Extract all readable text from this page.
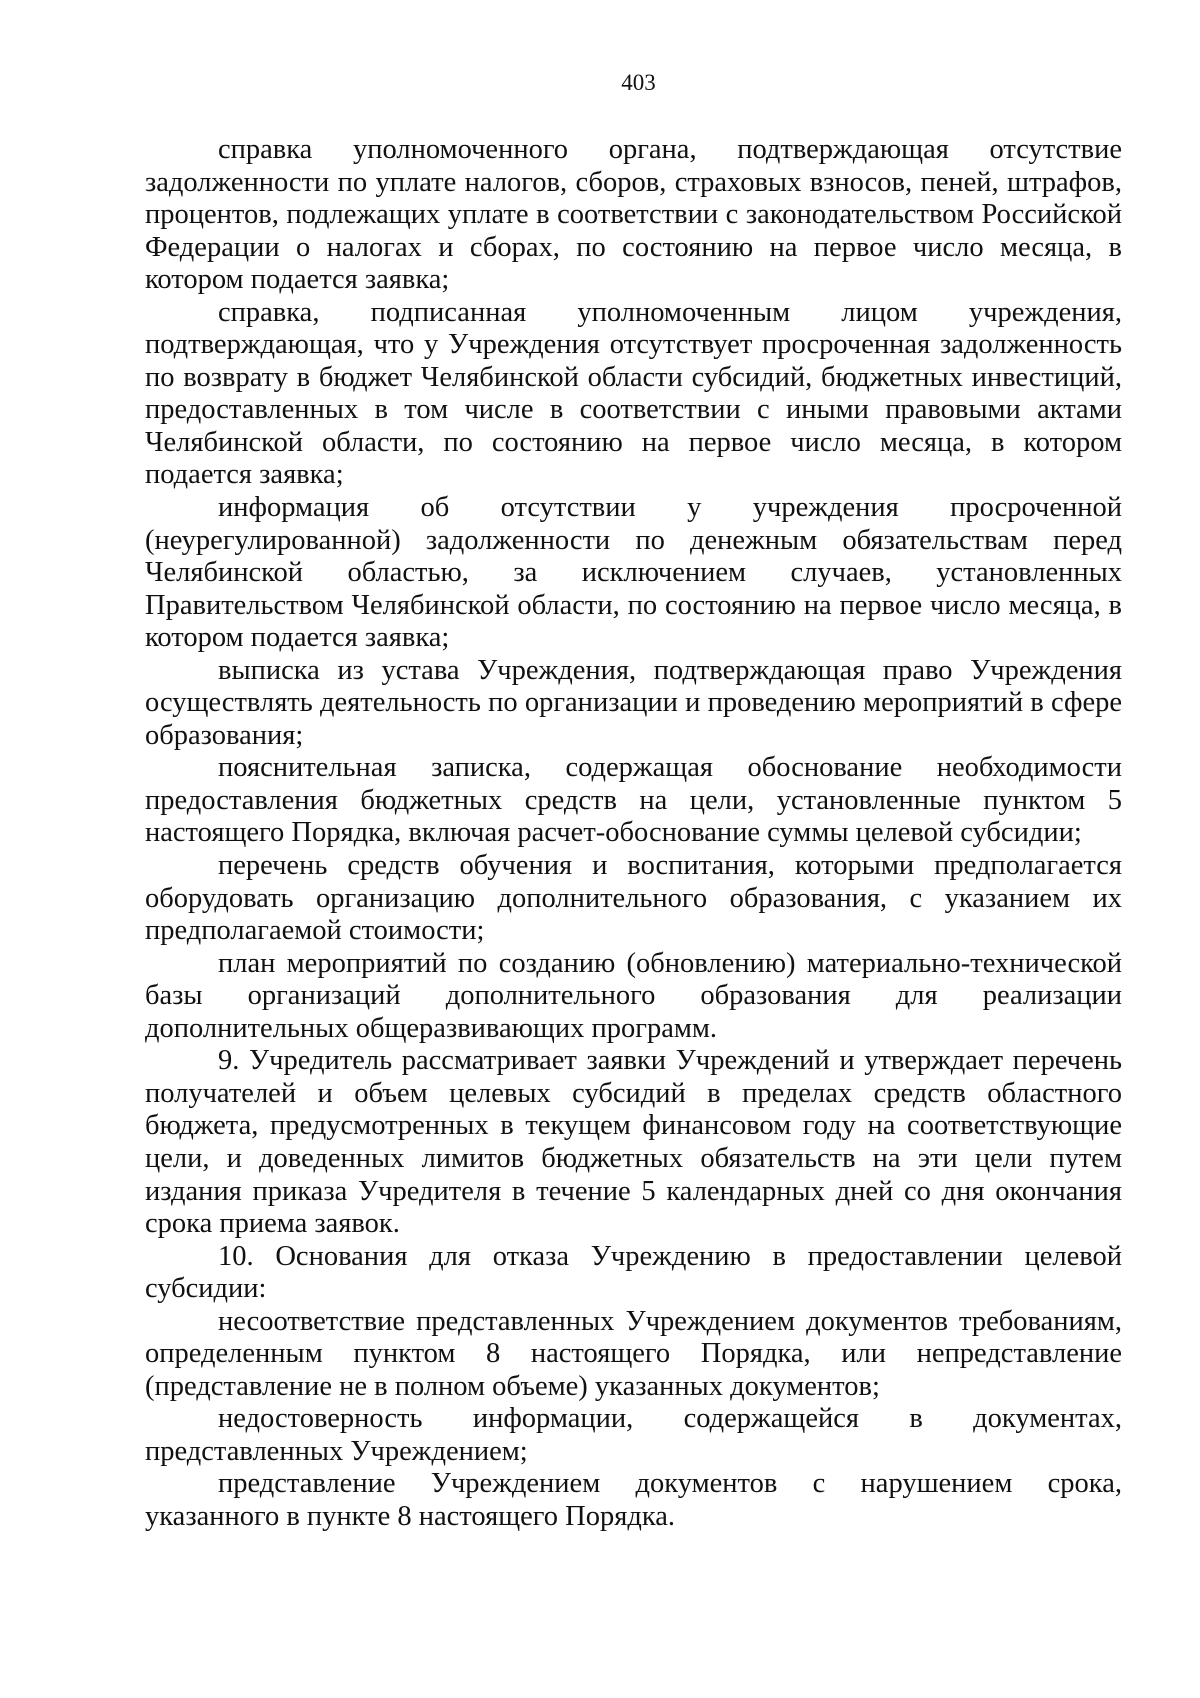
403

справка уполномоченного органа, подтверждающая отсутствие задолженности по уплате налогов, сборов, страховых взносов, пеней, штрафов, процентов, подлежащих уплате в соответствии с законодательством Российской Федерации о налогах и сборах, по состоянию на первое число месяца, в котором подается заявка;

справка, подписанная уполномоченным лицом учреждения, подтверждающая, что у Учреждения отсутствует просроченная задолженность по возврату в бюджет Челябинской области субсидий, бюджетных инвестиций, предоставленных в том числе в соответствии с иными правовыми актами Челябинской области, по состоянию на первое число месяца, в котором подается заявка;

информация об отсутствии у учреждения просроченной (неурегулированной) задолженности по денежным обязательствам перед Челябинской областью, за исключением случаев, установленных Правительством Челябинской области, по состоянию на первое число месяца, в котором подается заявка;

выписка из устава Учреждения, подтверждающая право Учреждения осуществлять деятельность по организации и проведению мероприятий в сфере образования;

пояснительная записка, содержащая обоснование необходимости предоставления бюджетных средств на цели, установленные пунктом 5 настоящего Порядка, включая расчет-обоснование суммы целевой субсидии;

перечень средств обучения и воспитания, которыми предполагается оборудовать организацию дополнительного образования, с указанием их предполагаемой стоимости;

план мероприятий по созданию (обновлению) материально-технической базы организаций дополнительного образования для реализации дополнительных общеразвивающих программ.

9. Учредитель рассматривает заявки Учреждений и утверждает перечень получателей и объем целевых субсидий в пределах средств областного бюджета, предусмотренных в текущем финансовом году на соответствующие цели, и доведенных лимитов бюджетных обязательств на эти цели путем издания приказа Учредителя в течение 5 календарных дней со дня окончания срока приема заявок.

10. Основания для отказа Учреждению в предоставлении целевой субсидии:

несоответствие представленных Учреждением документов требованиям, определенным пунктом 8 настоящего Порядка, или непредставление (представление не в полном объеме) указанных документов;

недостоверность информации, содержащейся в документах, представленных Учреждением;

представление Учреждением документов с нарушением срока, указанного в пункте 8 настоящего Порядка.
